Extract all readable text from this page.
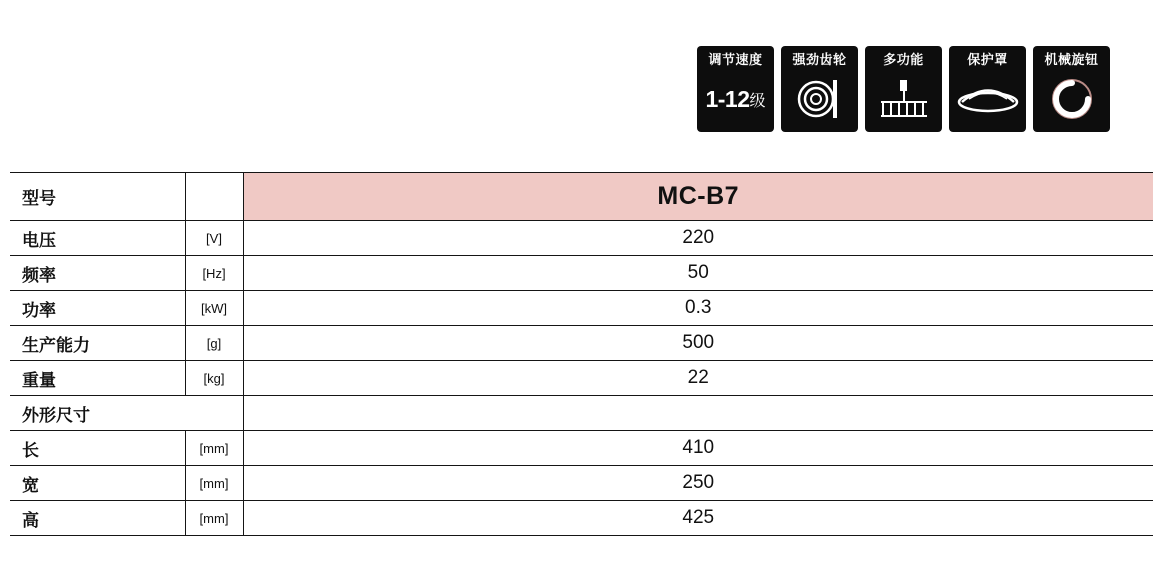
调节速度
1-12 级
强劲齿轮	多功能	保护罩	机械旋钮
型号		MC-B7
电压	[V]	220
频率	[Hz]	50
功率	[kW]	0.3
生产能力	[g]	500
重量	[kg]	22
外形尺寸		
长	[mm]	410
宽	[mm]	250
高	[mm]	425
